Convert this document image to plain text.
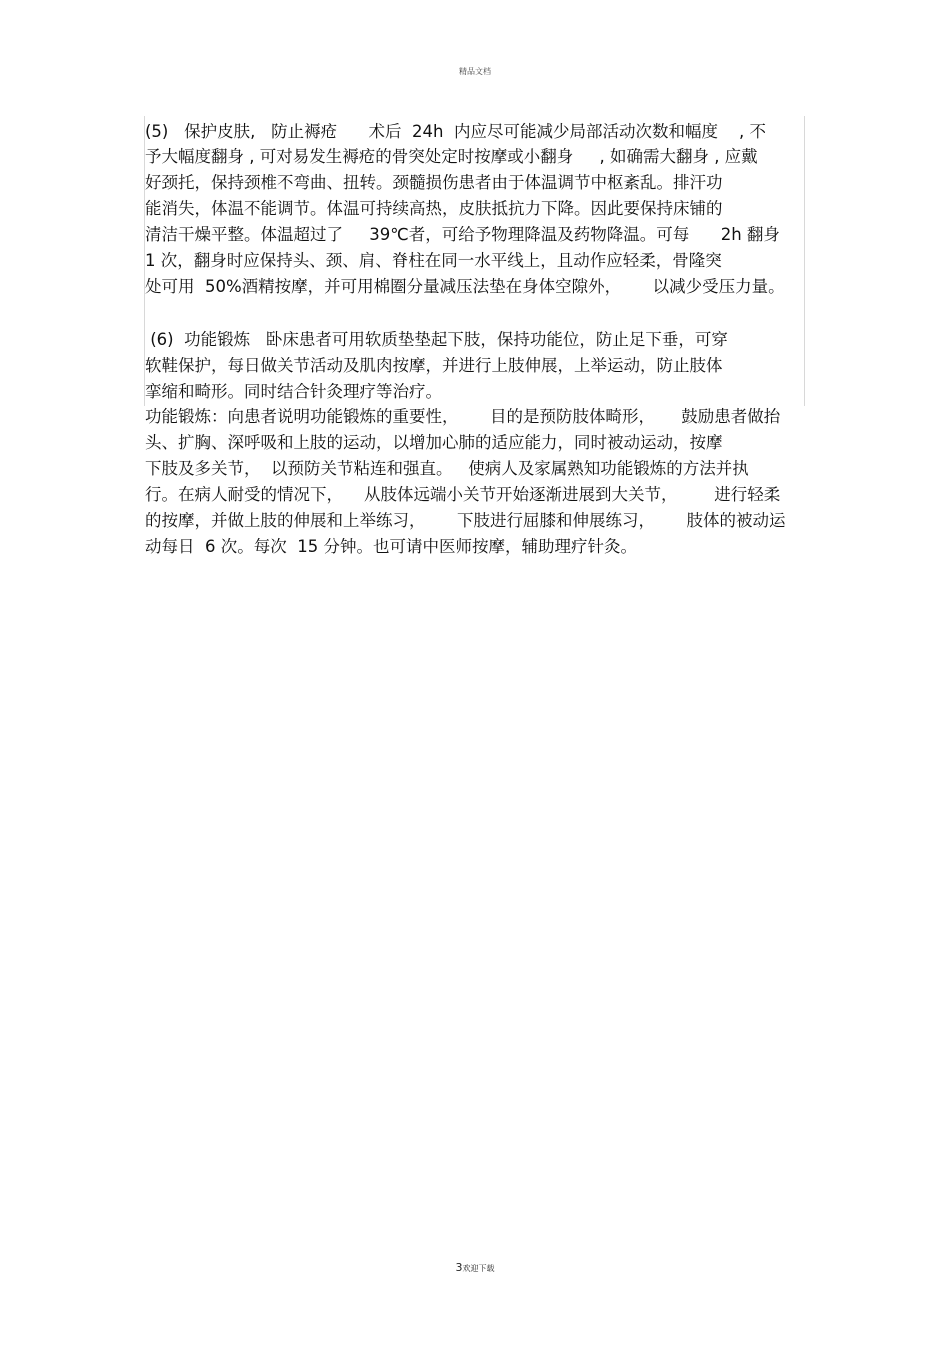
精品文档
(5)   保护皮肤,   防止褥疮      术后  24h  内应尽可能减少局部活动次数和幅度    , 不
予大幅度翻身 , 可对易发生褥疮的骨突处定时按摩或小翻身     , 如确需大翻身 , 应戴
好颈托，保持颈椎不弯曲、扭转。颈髓损伤患者由于体温调节中枢紊乱。排汗功
能消失，体温不能调节。体温可持续高热，皮肤抵抗力下降。因此要保持床铺的
清洁干燥平整。体温超过了     39℃者，可给予物理降温及药物降温。可每      2h 翻身
1 次，翻身时应保持头、颈、肩、脊柱在同一水平线上，且动作应轻柔，骨隆突
处可用  50%酒精按摩，并可用棉圈分量减压法垫在身体空隙外，      以减少受压力量。
(6)  功能锻炼   卧床患者可用软质垫垫起下肢，保持功能位，防止足下垂，可穿
软鞋保护，每日做关节活动及肌肉按摩，并进行上肢伸展，上举运动，防止肢体
挛缩和畸形。同时结合针灸理疗等治疗。
功能锻炼：向患者说明功能锻炼的重要性，      目的是预防肢体畸形，     鼓励患者做抬
头、扩胸、深呼吸和上肢的运动，以增加心肺的适应能力，同时被动运动，按摩
下肢及多关节，  以预防关节粘连和强直。   使病人及家属熟知功能锻炼的方法并执
行。在病人耐受的情况下，    从肢体远端小关节开始逐渐进展到大关节，       进行轻柔
的按摩，并做上肢的伸展和上举练习，      下肢进行屈膝和伸展练习，      肢体的被动运
动每日  6 次。每次  15 分钟。也可请中医师按摩，辅助理疗针灸。
3欢迎下载
